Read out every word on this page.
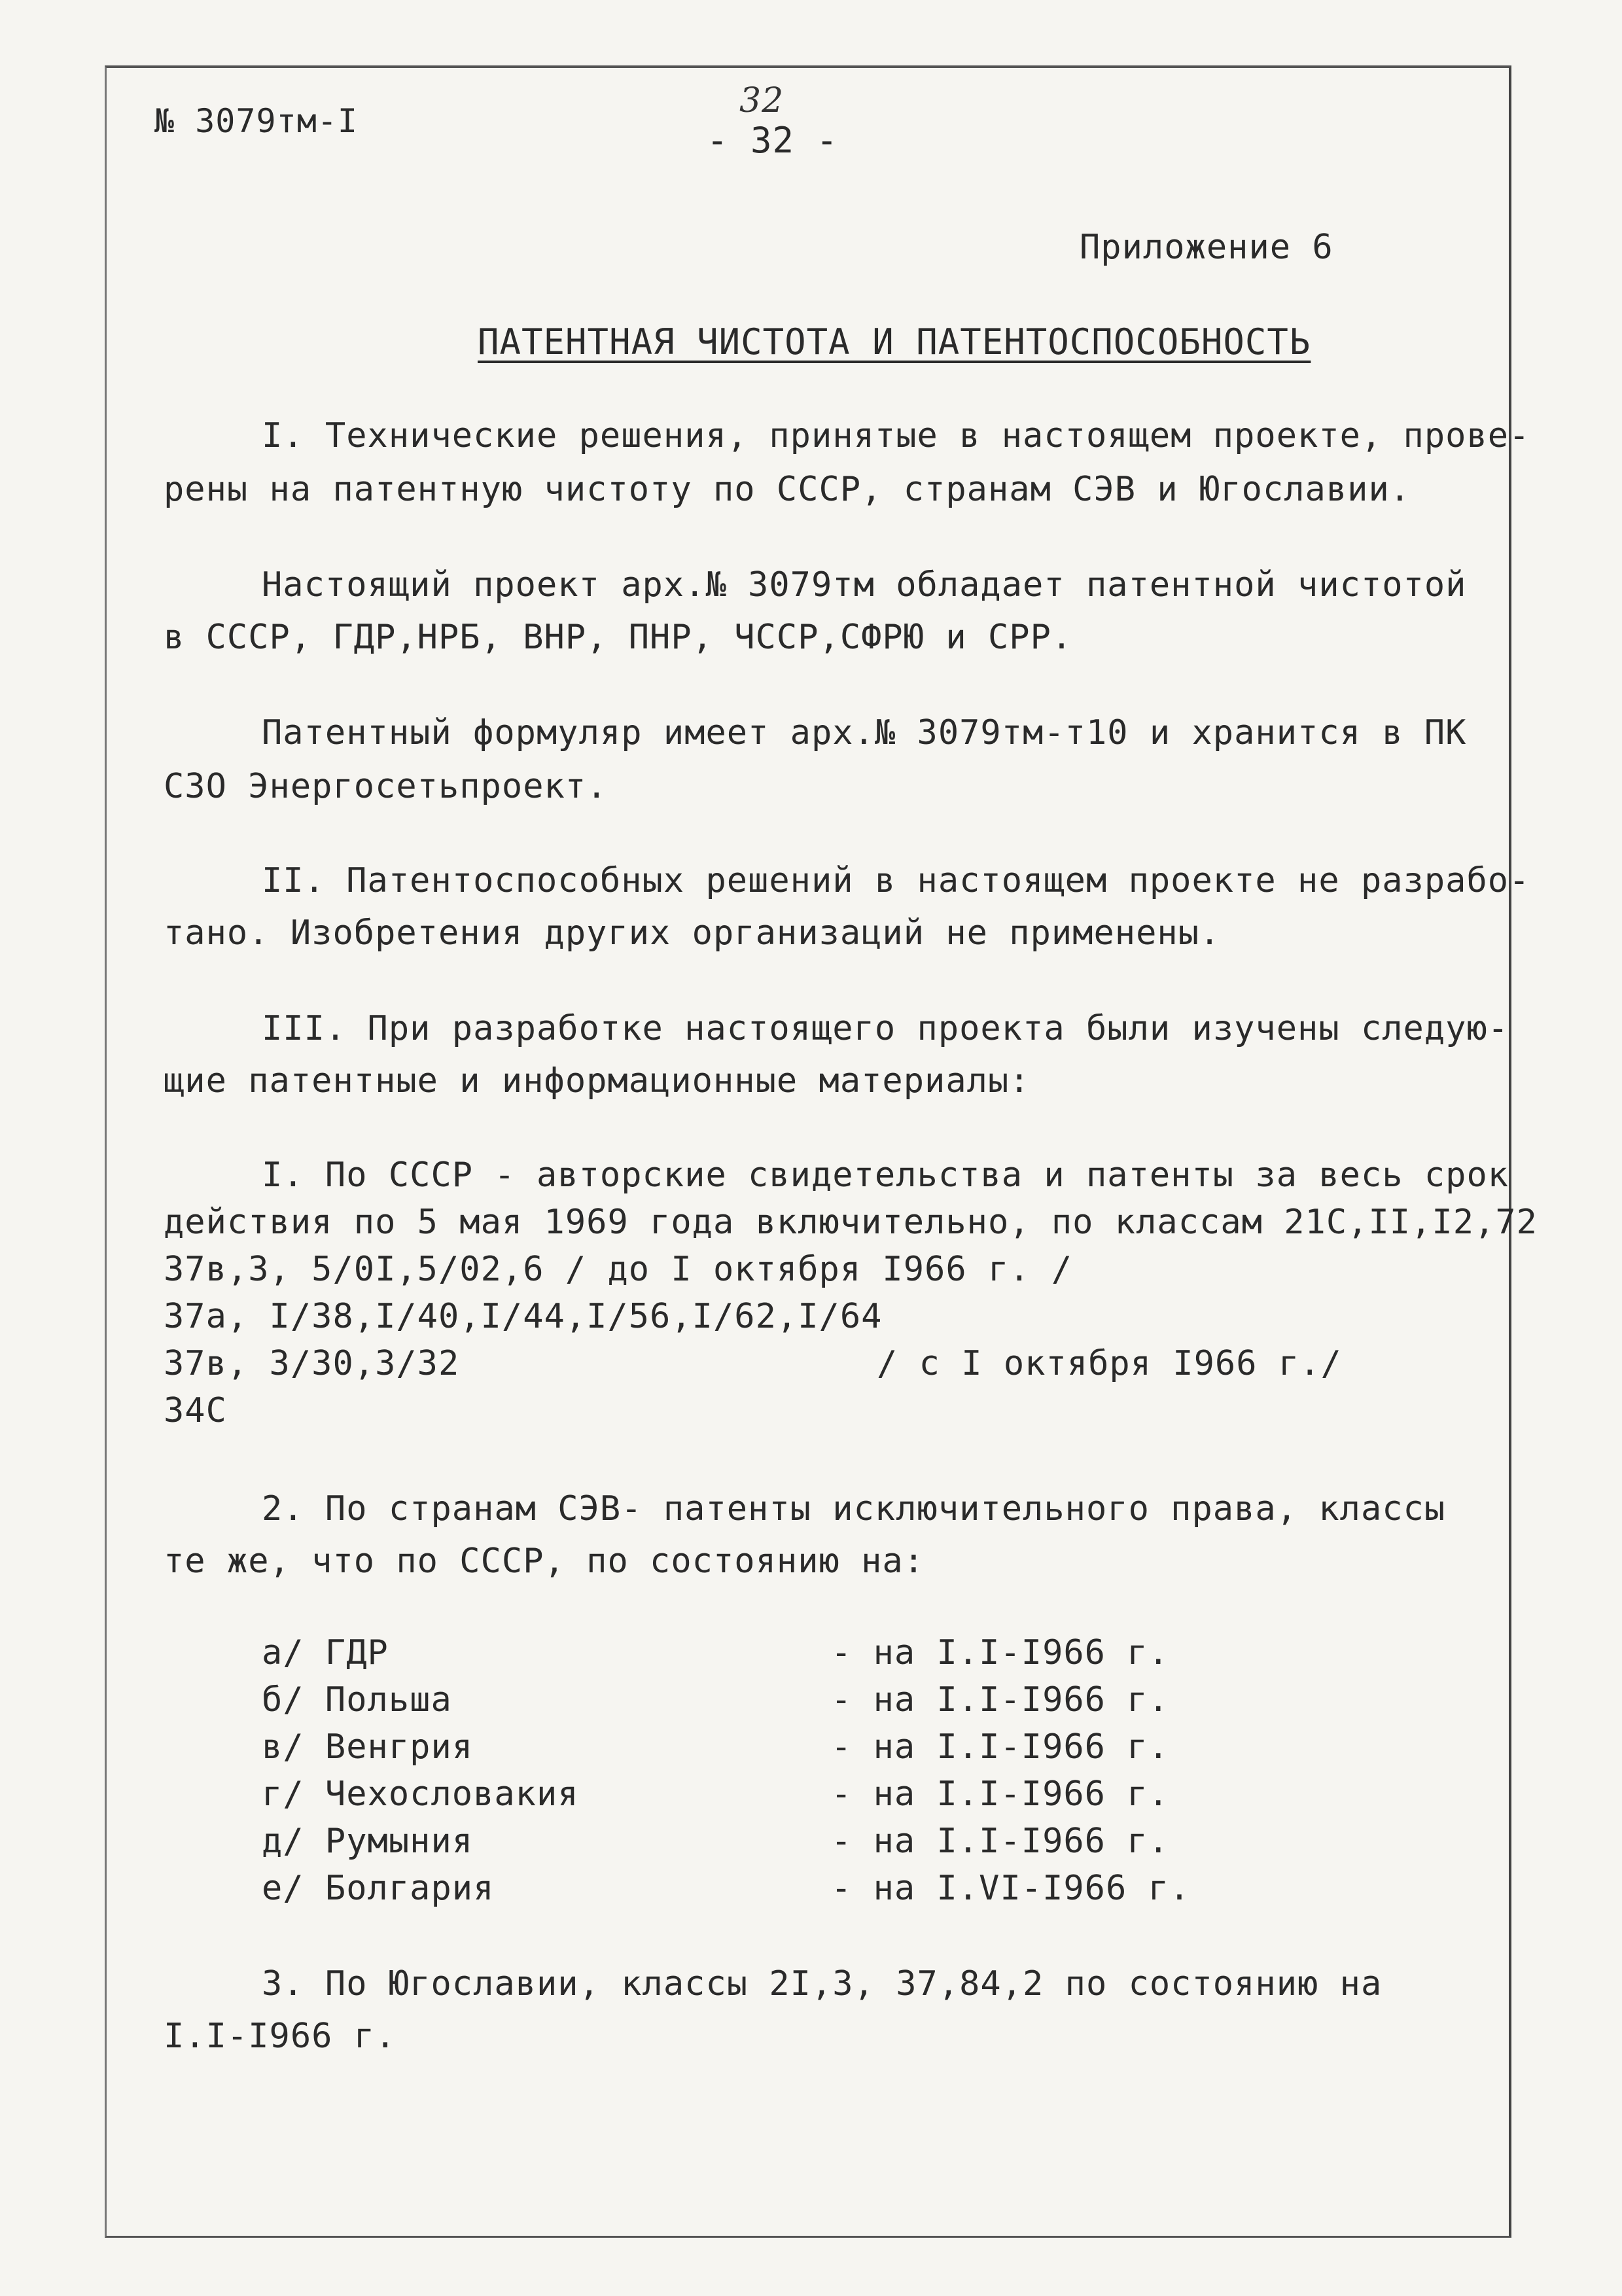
№ 3079тм-I
32
- 32 -
Приложение 6
ПАТЕНТНАЯ ЧИСТОТА И ПАТЕНТОСПОСОБНОСТЬ
I. Технические решения, принятые в настоящем проекте, прове-
рены на патентную чистоту по СССР, странам СЭВ и Югославии.
Настоящий проект арх.№ 3079тм обладает патентной чистотой
в СССР, ГДР,НРБ, ВНР, ПНР, ЧССР,СФРЮ и СРР.
Патентный формуляр имеет арх.№ 3079тм-т10 и хранится в ПК
СЗО Энергосетьпроект.
II. Патентоспособных решений в настоящем проекте не разрабо-
тано. Изобретения других организаций не применены.
III. При разработке настоящего проекта были изучены следую-
щие патентные и информационные материалы:
I. По СССР - авторские свидетельства и патенты за весь срок
действия по 5 мая 1969 года включительно, по классам 21С,II,I2,72
37в,3, 5/0I,5/02,6 / до I октября I966 г. /
37а, I/38,I/40,I/44,I/56,I/62,I/64
37в, 3/30,3/32	/ с I октября I966 г./
34С
2. По странам СЭВ- патенты исключительного права, классы
те же, что по СССР, по состоянию на:
а/ ГДР	- на I.I-I966 г.
б/ Польша	- на I.I-I966 г.
в/ Венгрия	- на I.I-I966 г.
г/ Чехословакия	- на I.I-I966 г.
д/ Румыния	- на I.I-I966 г.
е/ Болгария	- на I.VI-I966 г.
3. По Югославии, классы 2I,3, 37,84,2 по состоянию на
I.I-I966 г.
